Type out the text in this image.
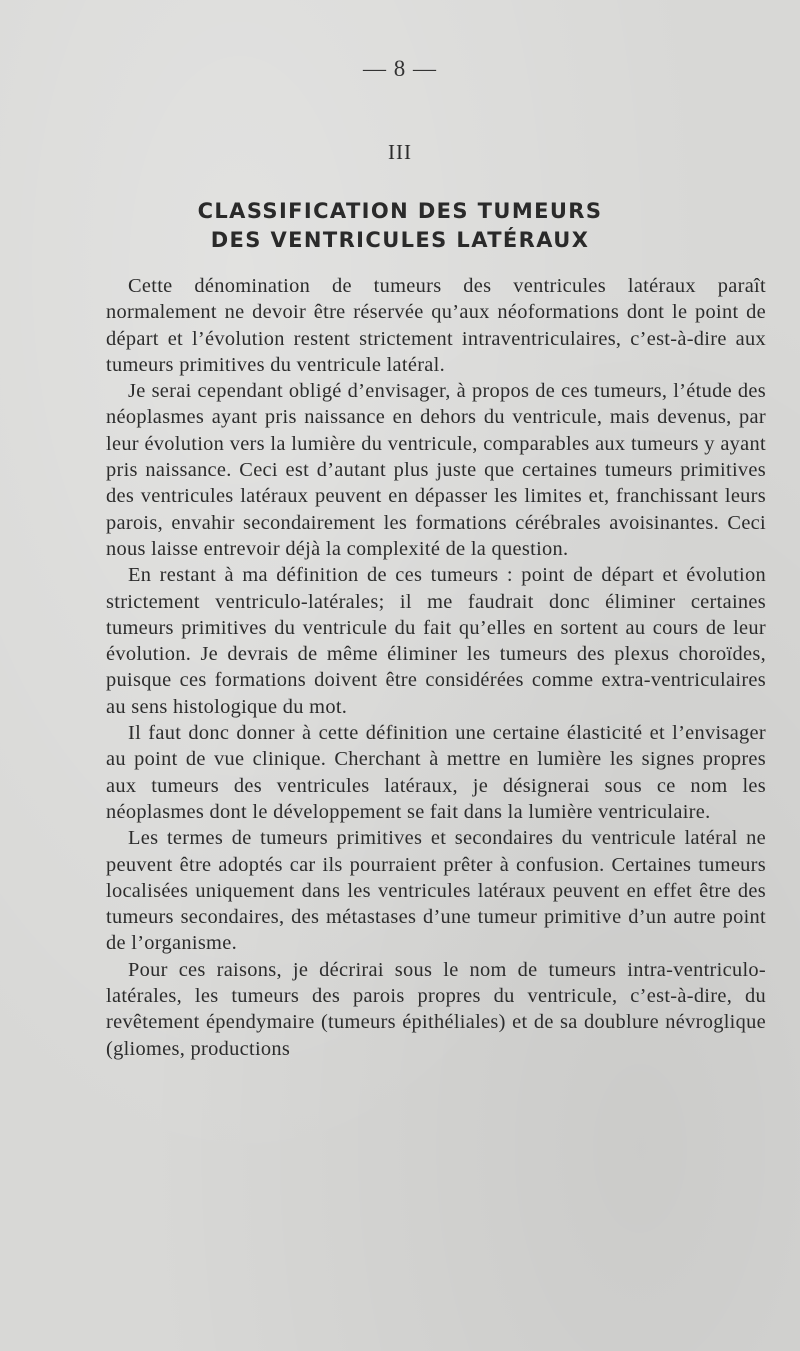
— 8 —
III
CLASSIFICATION DES TUMEURS
DES VENTRICULES LATÉRAUX

Cette dénomination de tumeurs des ventricules latéraux paraît normalement ne devoir être réservée qu’aux néoformations dont le point de départ et l’évolution restent strictement intraventriculaires, c’est-à-dire aux tumeurs primitives du ventricule latéral.

Je serai cependant obligé d’envisager, à propos de ces tumeurs, l’étude des néoplasmes ayant pris naissance en dehors du ventricule, mais devenus, par leur évolution vers la lumière du ventricule, comparables aux tumeurs y ayant pris naissance. Ceci est d’autant plus juste que certaines tumeurs primitives des ventricules latéraux peuvent en dépasser les limites et, franchissant leurs parois, envahir secondairement les formations cérébrales avoisinantes. Ceci nous laisse entrevoir déjà la complexité de la question.

En restant à ma définition de ces tumeurs : point de départ et évolution strictement ventriculo-latérales; il me faudrait donc éliminer certaines tumeurs primitives du ventricule du fait qu’elles en sortent au cours de leur évolution. Je devrais de même éliminer les tumeurs des plexus choroïdes, puisque ces formations doivent être considérées comme extra-ventriculaires au sens histologique du mot.

Il faut donc donner à cette définition une certaine élasticité et l’envisager au point de vue clinique. Cherchant à mettre en lumière les signes propres aux tumeurs des ventricules latéraux, je désignerai sous ce nom les néoplasmes dont le développement se fait dans la lumière ventriculaire.

Les termes de tumeurs primitives et secondaires du ventricule latéral ne peuvent être adoptés car ils pourraient prêter à confusion. Certaines tumeurs localisées uniquement dans les ventricules latéraux peuvent en effet être des tumeurs secondaires, des métastases d’une tumeur primitive d’un autre point de l’organisme.

Pour ces raisons, je décrirai sous le nom de tumeurs intra-ventriculo-latérales, les tumeurs des parois propres du ventricule, c’est-à-dire, du revêtement épendymaire (tumeurs épithéliales) et de sa doublure névroglique (gliomes, productions
